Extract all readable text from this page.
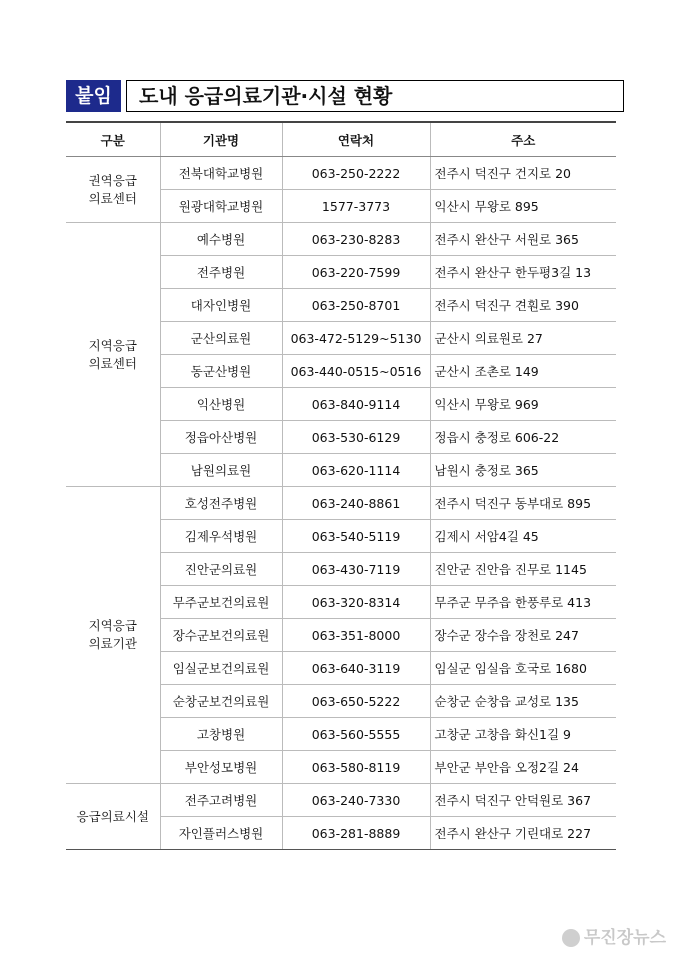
붙임	도내 응급의료기관·시설 현황
구분	기관명	연락처	주소

권역응급
의료센터	전북대학교병원	063-250-2222	전주시 덕진구 건지로 20
	원광대학교병원	1577-3773	익산시 무왕로 895

지역응급
의료센터	예수병원	063-230-8283	전주시 완산구 서원로 365
	전주병원	063-220-7599	전주시 완산구 한두평3길 13
	대자인병원	063-250-8701	전주시 덕진구 견훤로 390
	군산의료원	063-472-5129~5130	군산시 의료원로 27
	동군산병원	063-440-0515~0516	군산시 조촌로 149
	익산병원	063-840-9114	익산시 무왕로 969
	정읍아산병원	063-530-6129	정읍시 충정로 606-22
	남원의료원	063-620-1114	남원시 충정로 365

지역응급
의료기관	호성전주병원	063-240-8861	전주시 덕진구 동부대로 895
	김제우석병원	063-540-5119	김제시 서암4길 45
	진안군의료원	063-430-7119	진안군 진안읍 진무로 1145
	무주군보건의료원	063-320-8314	무주군 무주읍 한풍루로 413
	장수군보건의료원	063-351-8000	장수군 장수읍 장천로 247
	임실군보건의료원	063-640-3119	임실군 임실읍 호국로 1680
	순창군보건의료원	063-650-5222	순창군 순창읍 교성로 135
	고창병원	063-560-5555	고창군 고창읍 화신1길 9
	부안성모병원	063-580-8119	부안군 부안읍 오정2길 24

응급의료시설	전주고려병원	063-240-7330	전주시 덕진구 안덕원로 367
	자인플러스병원	063-281-8889	전주시 완산구 기린대로 227
무진장뉴스
